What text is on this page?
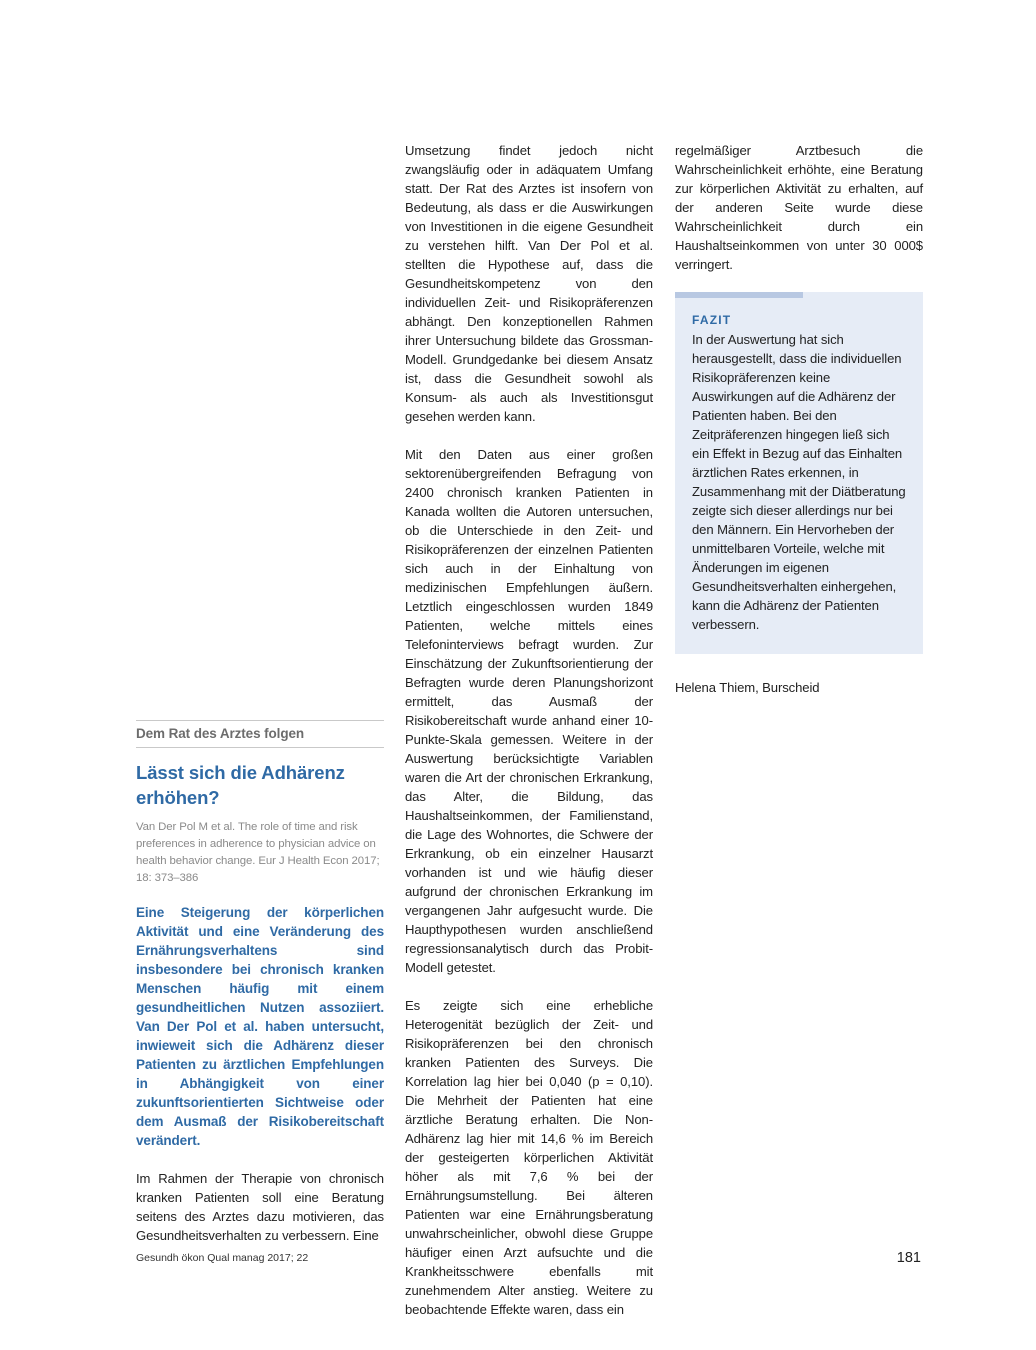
Dem Rat des Arztes folgen
Lässt sich die Adhärenz erhöhen?
Van Der Pol M et al. The role of time and risk preferences in adherence to physician advice on health behavior change. Eur J Health Econ 2017; 18: 373–386

Eine Steigerung der körperlichen Aktivität und eine Veränderung des Ernährungsverhaltens sind insbesondere bei chronisch kranken Menschen häufig mit einem gesundheitlichen Nutzen assoziiert. Van Der Pol et al. haben untersucht, inwieweit sich die Adhärenz dieser Patienten zu ärztlichen Empfehlungen in Abhängigkeit von einer zukunftsorientierten Sichtweise oder dem Ausmaß der Risikobereitschaft verändert.

Im Rahmen der Therapie von chronisch kranken Patienten soll eine Beratung seitens des Arztes dazu motivieren, das Gesundheitsverhalten zu verbessern. Eine

Umsetzung findet jedoch nicht zwangsläufig oder in adäquatem Umfang statt. Der Rat des Arztes ist insofern von Bedeutung, als dass er die Auswirkungen von Investitionen in die eigene Gesundheit zu verstehen hilft. Van Der Pol et al. stellten die Hypothese auf, dass die Gesundheitskompetenz von den individuellen Zeit- und Risikopräferenzen abhängt. Den konzeptionellen Rahmen ihrer Untersuchung bildete das Grossman-Modell. Grundgedanke bei diesem Ansatz ist, dass die Gesundheit sowohl als Konsum- als auch als Investitionsgut gesehen werden kann.

Mit den Daten aus einer großen sektorenübergreifenden Befragung von 2400 chronisch kranken Patienten in Kanada wollten die Autoren untersuchen, ob die Unterschiede in den Zeit- und Risikopräferenzen der einzelnen Patienten sich auch in der Einhaltung von medizinischen Empfehlungen äußern. Letztlich eingeschlossen wurden 1849 Patienten, welche mittels eines Telefoninterviews befragt wurden. Zur Einschätzung der Zukunftsorientierung der Befragten wurde deren Planungshorizont ermittelt, das Ausmaß der Risikobereitschaft wurde anhand einer 10-Punkte-Skala gemessen. Weitere in der Auswertung berücksichtigte Variablen waren die Art der chronischen Erkrankung, das Alter, die Bildung, das Haushaltseinkommen, der Familienstand, die Lage des Wohnortes, die Schwere der Erkrankung, ob ein einzelner Hausarzt vorhanden ist und wie häufig dieser aufgrund der chronischen Erkrankung im vergangenen Jahr aufgesucht wurde. Die Haupthypothesen wurden anschließend regressionsanalytisch durch das Probit-Modell getestet.

Es zeigte sich eine erhebliche Heterogenität bezüglich der Zeit- und Risikopräferenzen bei den chronisch kranken Patienten des Surveys. Die Korrelation lag hier bei 0,040 (p = 0,10). Die Mehrheit der Patienten hat eine ärztliche Beratung erhalten. Die Non-Adhärenz lag hier mit 14,6 % im Bereich der gesteigerten körperlichen Aktivität höher als mit 7,6 % bei der Ernährungsumstellung. Bei älteren Patienten war eine Ernährungsberatung unwahrscheinlicher, obwohl diese Gruppe häufiger einen Arzt aufsuchte und die Krankheitsschwere ebenfalls mit zunehmendem Alter anstieg. Weitere zu beobachtende Effekte waren, dass ein

regelmäßiger Arztbesuch die Wahrscheinlichkeit erhöhte, eine Beratung zur körperlichen Aktivität zu erhalten, auf der anderen Seite wurde diese Wahrscheinlichkeit durch ein Haushaltseinkommen von unter 30 000$ verringert.

FAZIT
In der Auswertung hat sich herausgestellt, dass die individuellen Risikopräferenzen keine Auswirkungen auf die Adhärenz der Patienten haben. Bei den Zeitpräferenzen hingegen ließ sich ein Effekt in Bezug auf das Einhalten ärztlichen Rates erkennen, in Zusammenhang mit der Diätberatung zeigte sich dieser allerdings nur bei den Männern. Ein Hervorheben der unmittelbaren Vorteile, welche mit Änderungen im eigenen Gesundheitsverhalten einhergehen, kann die Adhärenz der Patienten verbessern.
Helena Thiem, Burscheid
Gesundh ökon Qual manag 2017; 22	181
